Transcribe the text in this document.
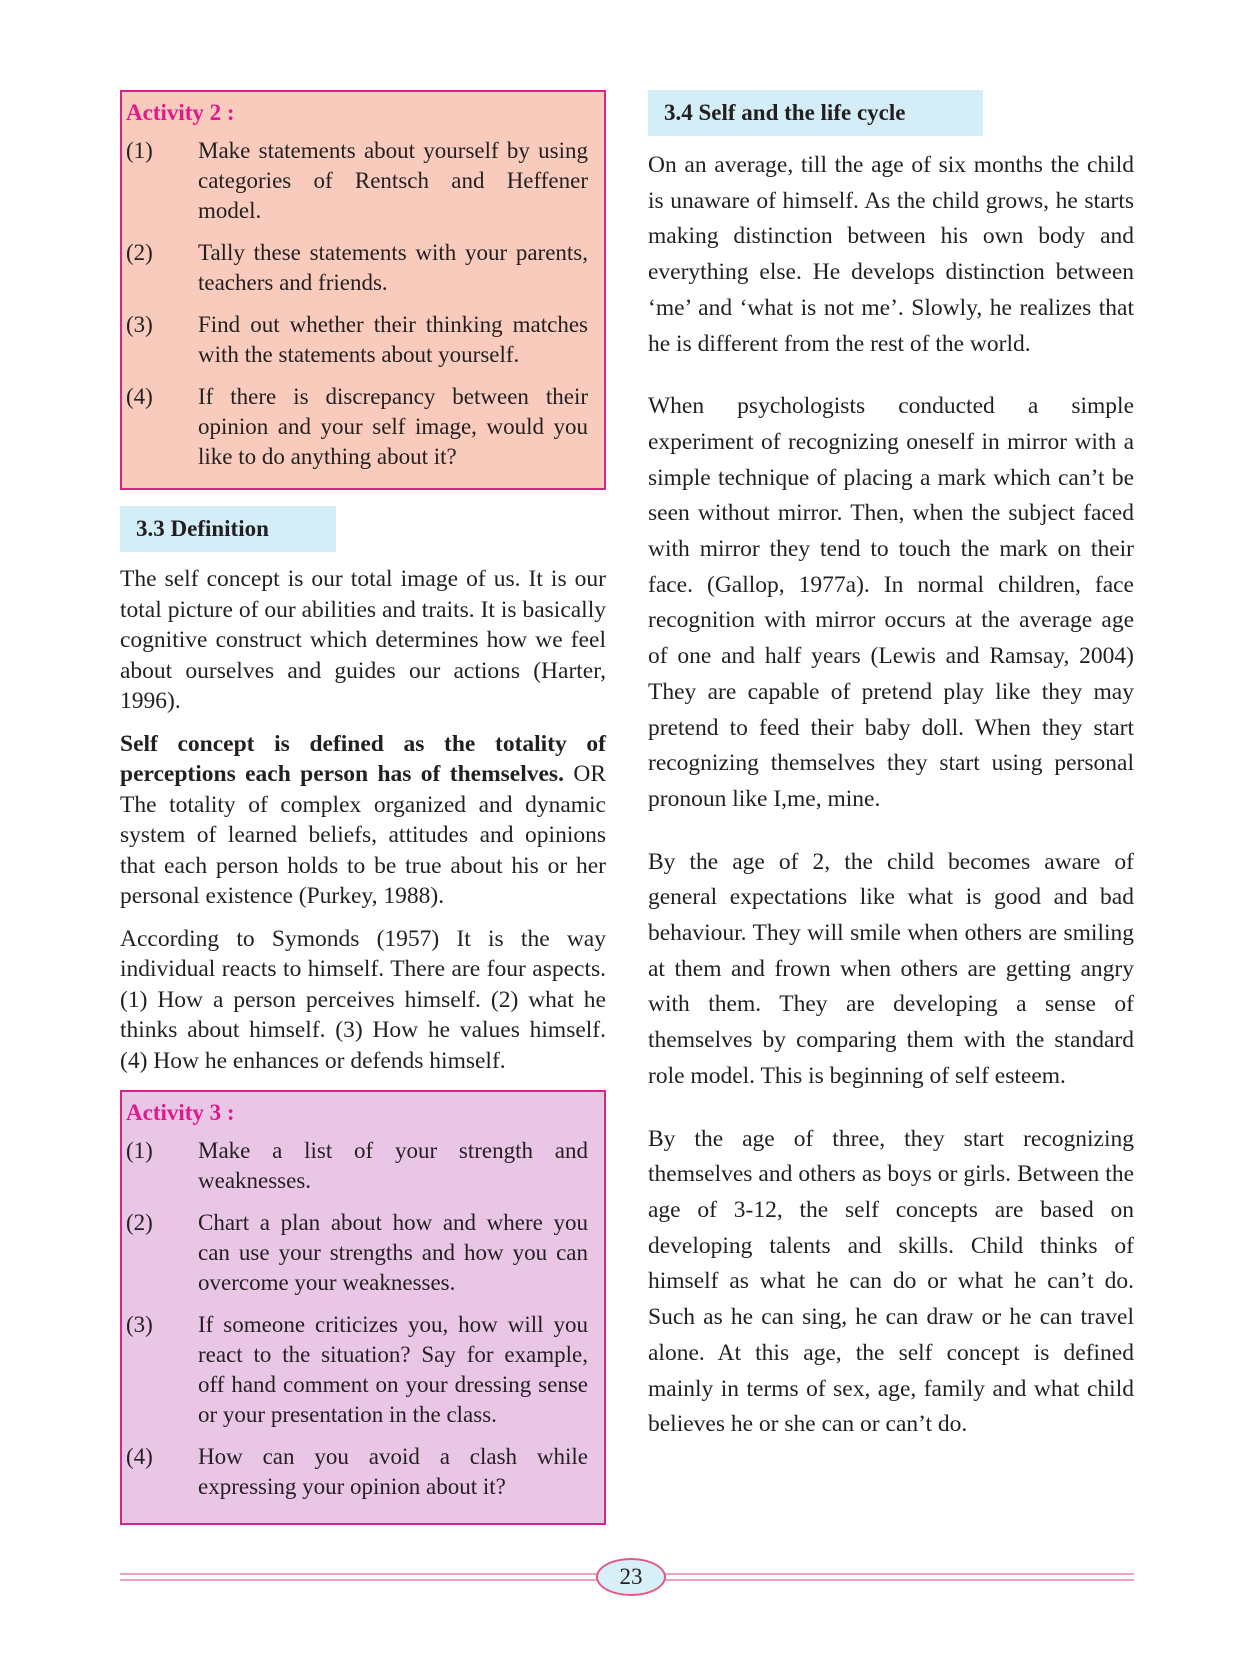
Activity 2 :
(1)	Make statements about yourself by using categories of Rentsch and Heffener model.
(2)	Tally these statements with your parents, teachers and friends.
(3)	Find out whether their thinking matches with the statements about yourself.
(4)	If there is discrepancy between their opinion and your self image, would you like to do anything about it?
3.3 Definition

The self concept is our total image of us. It is our total picture of our abilities and traits. It is basically cognitive construct which determines how we feel about ourselves and guides our actions (Harter, 1996).

Self concept is defined as the totality of perceptions each person has of themselves. OR The totality of complex organized and dynamic system of learned beliefs, attitudes and opinions that each person holds to be true about his or her personal existence (Purkey, 1988).

According to Symonds (1957) It is the way individual reacts to himself. There are four aspects. (1) How a person perceives himself. (2) what he thinks about himself. (3) How he values himself. (4) How he enhances or defends himself.

Activity 3 :
(1)	Make a list of your strength and weaknesses.
(2)	Chart a plan about how and where you can use your strengths and how you can overcome your weaknesses.
(3)	If someone criticizes you, how will you react to the situation? Say for example, off hand comment on your dressing sense or your presentation in the class.
(4)	How can you avoid a clash while expressing your opinion about it?
3.4 Self and the life cycle

On an average, till the age of six months the child is unaware of himself. As the child grows, he starts making distinction between his own body and everything else. He develops distinction between ‘me’ and ‘what is not me’. Slowly, he realizes that he is different from the rest of the world.

When psychologists conducted a simple experiment of recognizing oneself in mirror with a simple technique of placing a mark which can’t be seen without mirror. Then, when the subject faced with mirror they tend to touch the mark on their face. (Gallop, 1977a). In normal children, face recognition with mirror occurs at the average age of one and half years (Lewis and Ramsay, 2004) They are capable of pretend play like they may pretend to feed their baby doll. When they start recognizing themselves they start using personal pronoun like I,me, mine.

By the age of 2, the child becomes aware of general expectations like what is good and bad behaviour. They will smile when others are smiling at them and frown when others are getting angry with them. They are developing a sense of themselves by comparing them with the standard role model. This is beginning of self esteem.

By the age of three, they start recognizing themselves and others as boys or girls. Between the age of 3-12, the self concepts are based on developing talents and skills. Child thinks of himself as what he can do or what he can’t do. Such as he can sing, he can draw or he can travel alone. At this age, the self concept is defined mainly in terms of sex, age, family and what child believes he or she can or can’t do.

23
